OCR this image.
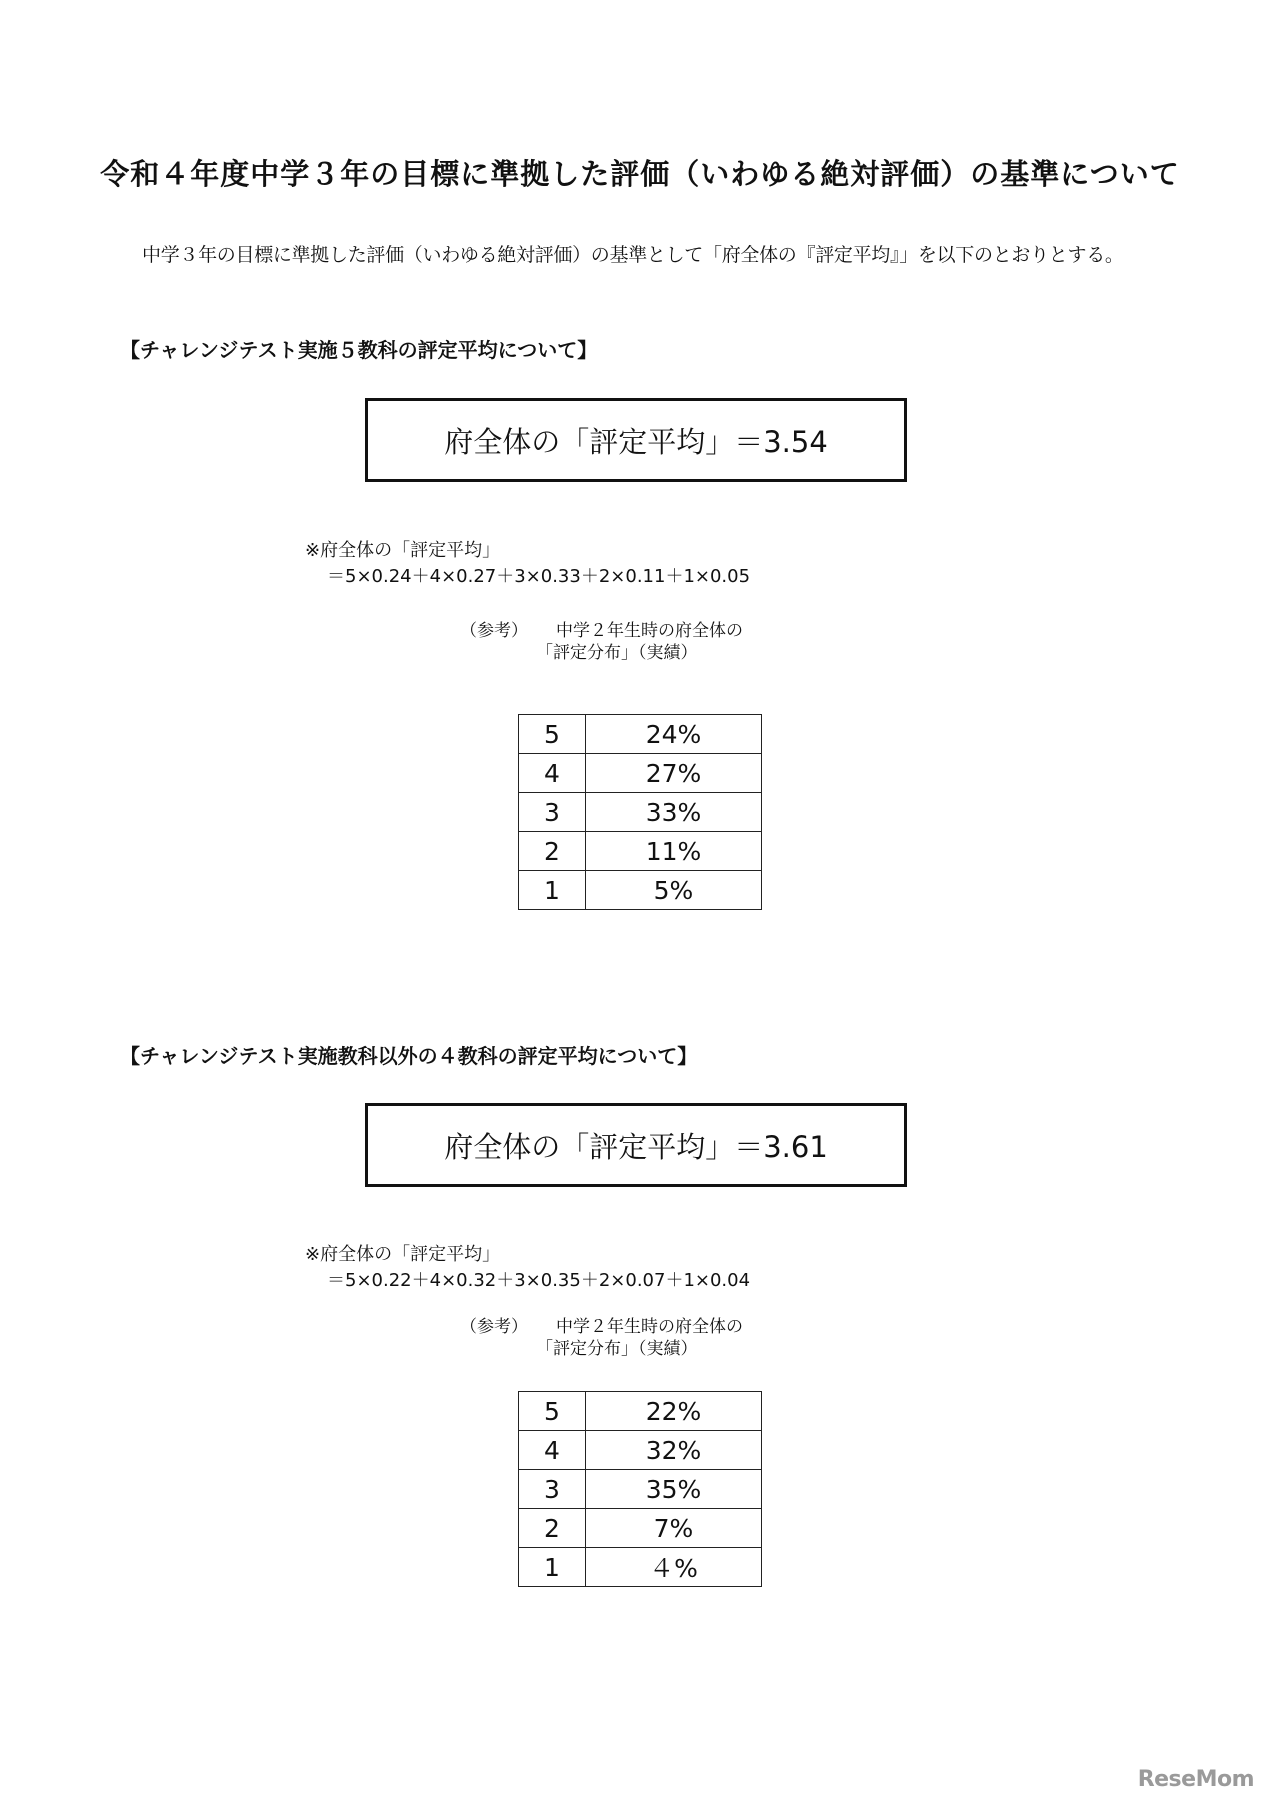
令和４年度中学３年の目標に準拠した評価（いわゆる絶対評価）の基準について
中学３年の目標に準拠した評価（いわゆる絶対評価）の基準として「府全体の『評定平均』」を以下のとおりとする。
【チャレンジテスト実施５教科の評定平均について】
府全体の「評定平均」＝3.54
※府全体の「評定平均」
＝5×0.24＋4×0.27＋3×0.33＋2×0.11＋1×0.05
（参考） 中学２年生時の府全体の
「評定分布」（実績）
5	24%
4	27%
3	33%
2	11%
1	5%
【チャレンジテスト実施教科以外の４教科の評定平均について】
府全体の「評定平均」＝3.61
※府全体の「評定平均」
＝5×0.22＋4×0.32＋3×0.35＋2×0.07＋1×0.04
（参考） 中学２年生時の府全体の
「評定分布」（実績）
5	22%
4	32%
3	35%
2	7%
1	４%
ReseMom
